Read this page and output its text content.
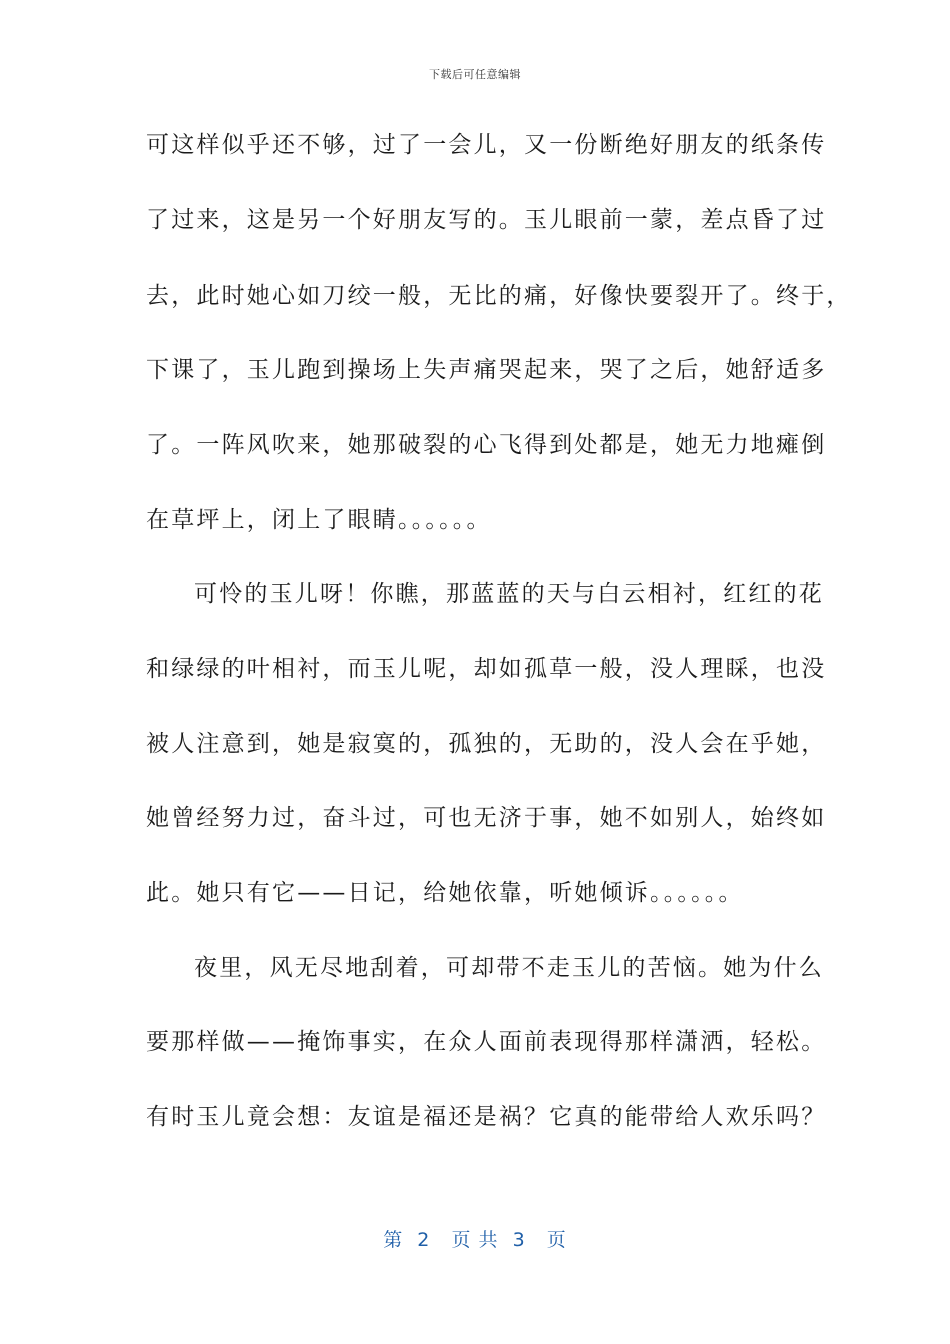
下载后可任意编辑
可这样似乎还不够，过了一会儿，又一份断绝好朋友的纸条传
了过来，这是另一个好朋友写的。玉儿眼前一蒙，差点昏了过
去，此时她心如刀绞一般，无比的痛，好像快要裂开了。终于，
下课了，玉儿跑到操场上失声痛哭起来，哭了之后，她舒适多
了。一阵风吹来，她那破裂的心飞得到处都是，她无力地瘫倒
在草坪上，闭上了眼睛。。。。。。
可怜的玉儿呀！你瞧，那蓝蓝的天与白云相衬，红红的花
和绿绿的叶相衬，而玉儿呢，却如孤草一般，没人理睬，也没
被人注意到，她是寂寞的，孤独的，无助的，没人会在乎她，
她曾经努力过，奋斗过，可也无济于事，她不如别人，始终如
此。她只有它——日记，给她依靠，听她倾诉。。。。。。
夜里，风无尽地刮着，可却带不走玉儿的苦恼。她为什么
要那样做——掩饰事实，在众人面前表现得那样潇洒，轻松。
有时玉儿竟会想：友谊是福还是祸？它真的能带给人欢乐吗？
第  2   页 共  3   页
